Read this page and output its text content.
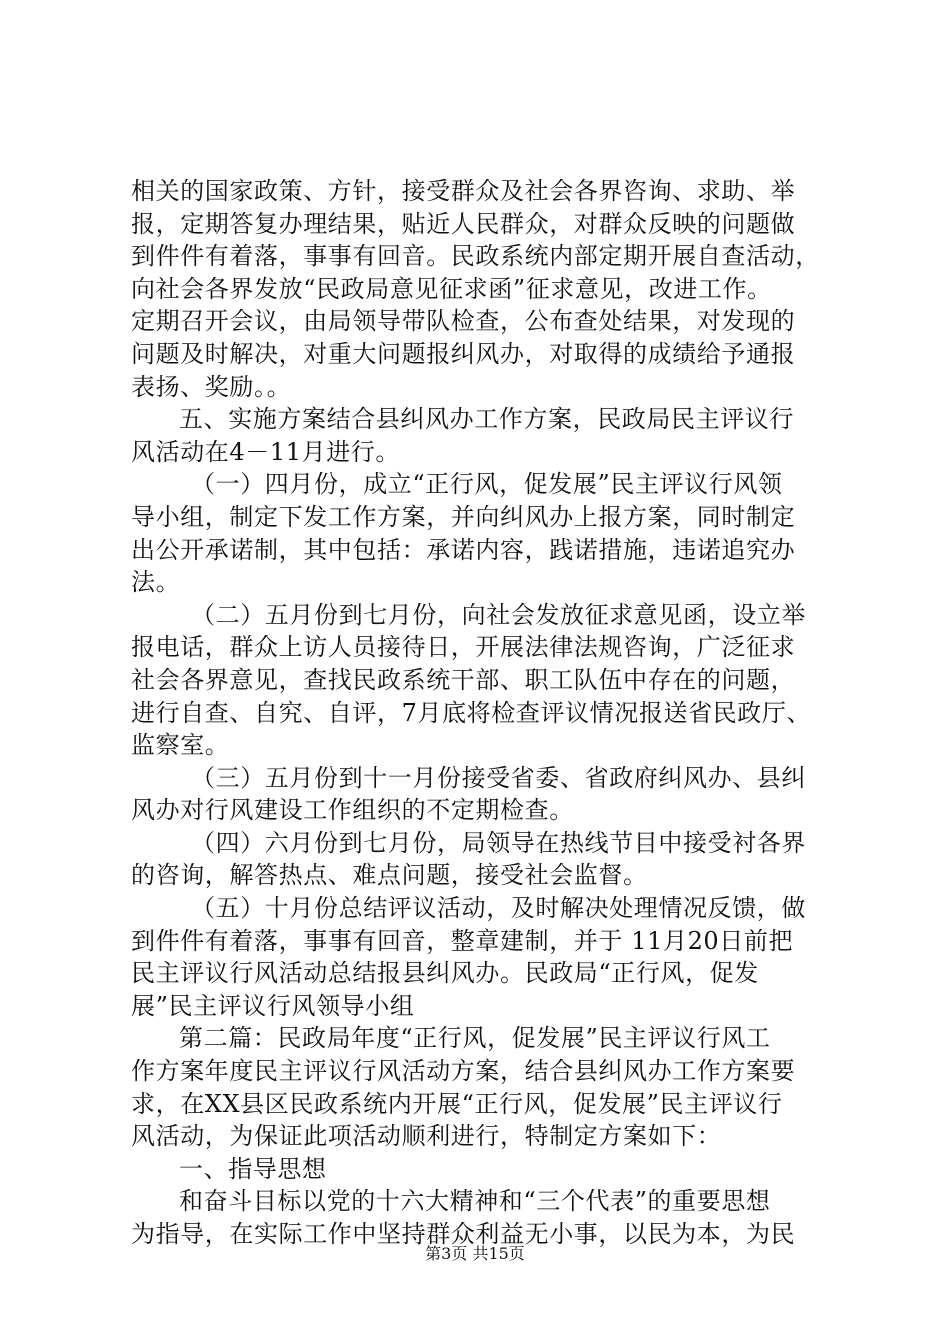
相关的国家政策、方针，接受群众及社会各界咨询、求助、举
报，定期答复办理结果，贴近人民群众，对群众反映的问题做
到件件有着落，事事有回音。民政系统内部定期开展自查活动，
向社会各界发放“民政局意见征求函”征求意见，改进工作。
定期召开会议，由局领导带队检查，公布查处结果，对发现的
问题及时解决，对重大问题报纠风办，对取得的成绩给予通报
表扬、奖励。。
五、实施方案结合县纠风办工作方案，民政局民主评议行
风活动在4－11月进行。
（一）四月份，成立“正行风，促发展”民主评议行风领
导小组，制定下发工作方案，并向纠风办上报方案，同时制定
出公开承诺制，其中包括：承诺内容，践诺措施，违诺追究办
法。
（二）五月份到七月份，向社会发放征求意见函，设立举
报电话，群众上访人员接待日，开展法律法规咨询，广泛征求
社会各界意见，查找民政系统干部、职工队伍中存在的问题，
进行自查、自究、自评，7月底将检查评议情况报送省民政厅、
监察室。
（三）五月份到十一月份接受省委、省政府纠风办、县纠
风办对行风建设工作组织的不定期检查。
（四）六月份到七月份，局领导在热线节目中接受衬各界
的咨询，解答热点、难点问题，接受社会监督。
（五）十月份总结评议活动，及时解决处理情况反馈，做
到件件有着落，事事有回音，整章建制，并于 11月20日前把
民主评议行风活动总结报县纠风办。民政局“正行风，促发
展”民主评议行风领导小组
第二篇：民政局年度“正行风，促发展”民主评议行风工
作方案年度民主评议行风活动方案，结合县纠风办工作方案要
求，在XX县区民政系统内开展“正行风，促发展”民主评议行
风活动，为保证此项活动顺利进行，特制定方案如下：
一、指导思想
和奋斗目标以党的十六大精神和“三个代表”的重要思想
为指导，在实际工作中坚持群众利益无小事，以民为本，为民
第3页 共15页
